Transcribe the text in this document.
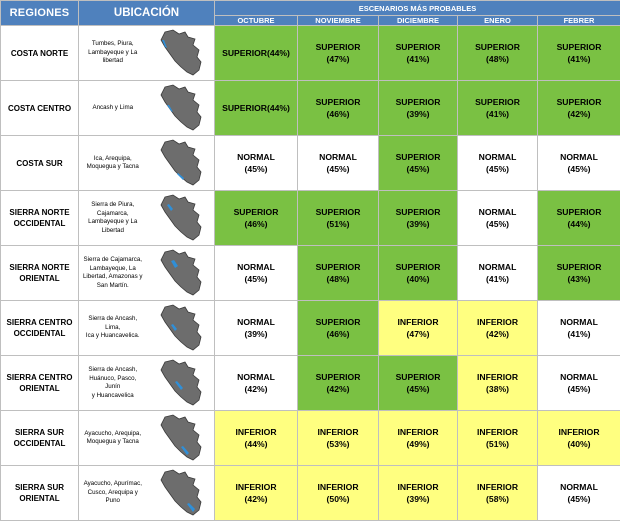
REGIONES	UBICACIÓN		ESCENARIOS MÁS PROBABLES				
			OCTUBRE	NOVIEMBRE	DICIEMBRE	ENERO	FEBRER

COSTA NORTE	Tumbes, Piura,
Lambayeque y La
libertad		SUPERIOR(44%)	SUPERIOR
(47%)	SUPERIOR
(41%)	SUPERIOR
(48%)	SUPERIOR
(41%)

COSTA CENTRO	Ancash y Lima		SUPERIOR(44%)	SUPERIOR
(46%)	SUPERIOR
(39%)	SUPERIOR
(41%)	SUPERIOR
(42%)

COSTA SUR	Ica, Arequipa,
Moquegua y Tacna		NORMAL
(45%)	NORMAL
(45%)	SUPERIOR
(45%)	NORMAL
(45%)	NORMAL
(45%)

SIERRA NORTE
OCCIDENTAL	Sierra de Piura,
Cajamarca,
Lambayeque y La
Libertad		SUPERIOR
(46%)	SUPERIOR
(51%)	SUPERIOR
(39%)	NORMAL
(45%)	SUPERIOR
(44%)

SIERRA NORTE
ORIENTAL	Sierra de Cajamarca,
Lambayeque, La
Libertad, Amazonas y
San Martín.		NORMAL
(45%)	SUPERIOR
(48%)	SUPERIOR
(40%)	NORMAL
(41%)	SUPERIOR
(43%)

SIERRA CENTRO
OCCIDENTAL	Sierra de Ancash, Lima,
Ica y Huancavelica.		NORMAL
(39%)	SUPERIOR
(46%)	INFERIOR
(47%)	INFERIOR
(42%)	NORMAL
(41%)

SIERRA CENTRO
ORIENTAL	Sierra de Ancash,
Huánuco, Pasco, Junín
y Huancavelica		NORMAL
(42%)	SUPERIOR
(42%)	SUPERIOR
(45%)	INFERIOR
(38%)	NORMAL
(45%)

SIERRA SUR
OCCIDENTAL	Ayacucho, Arequipa,
Moquegua y Tacna		INFERIOR
(44%)	INFERIOR
(53%)	INFERIOR
(49%)	INFERIOR
(51%)	INFERIOR
(40%)

SIERRA SUR
ORIENTAL	Ayacucho, Apurímac,
Cusco, Arequipa y
Puno		INFERIOR
(42%)	INFERIOR
(50%)	INFERIOR
(39%)	INFERIOR
(58%)	NORMAL
(45%)
